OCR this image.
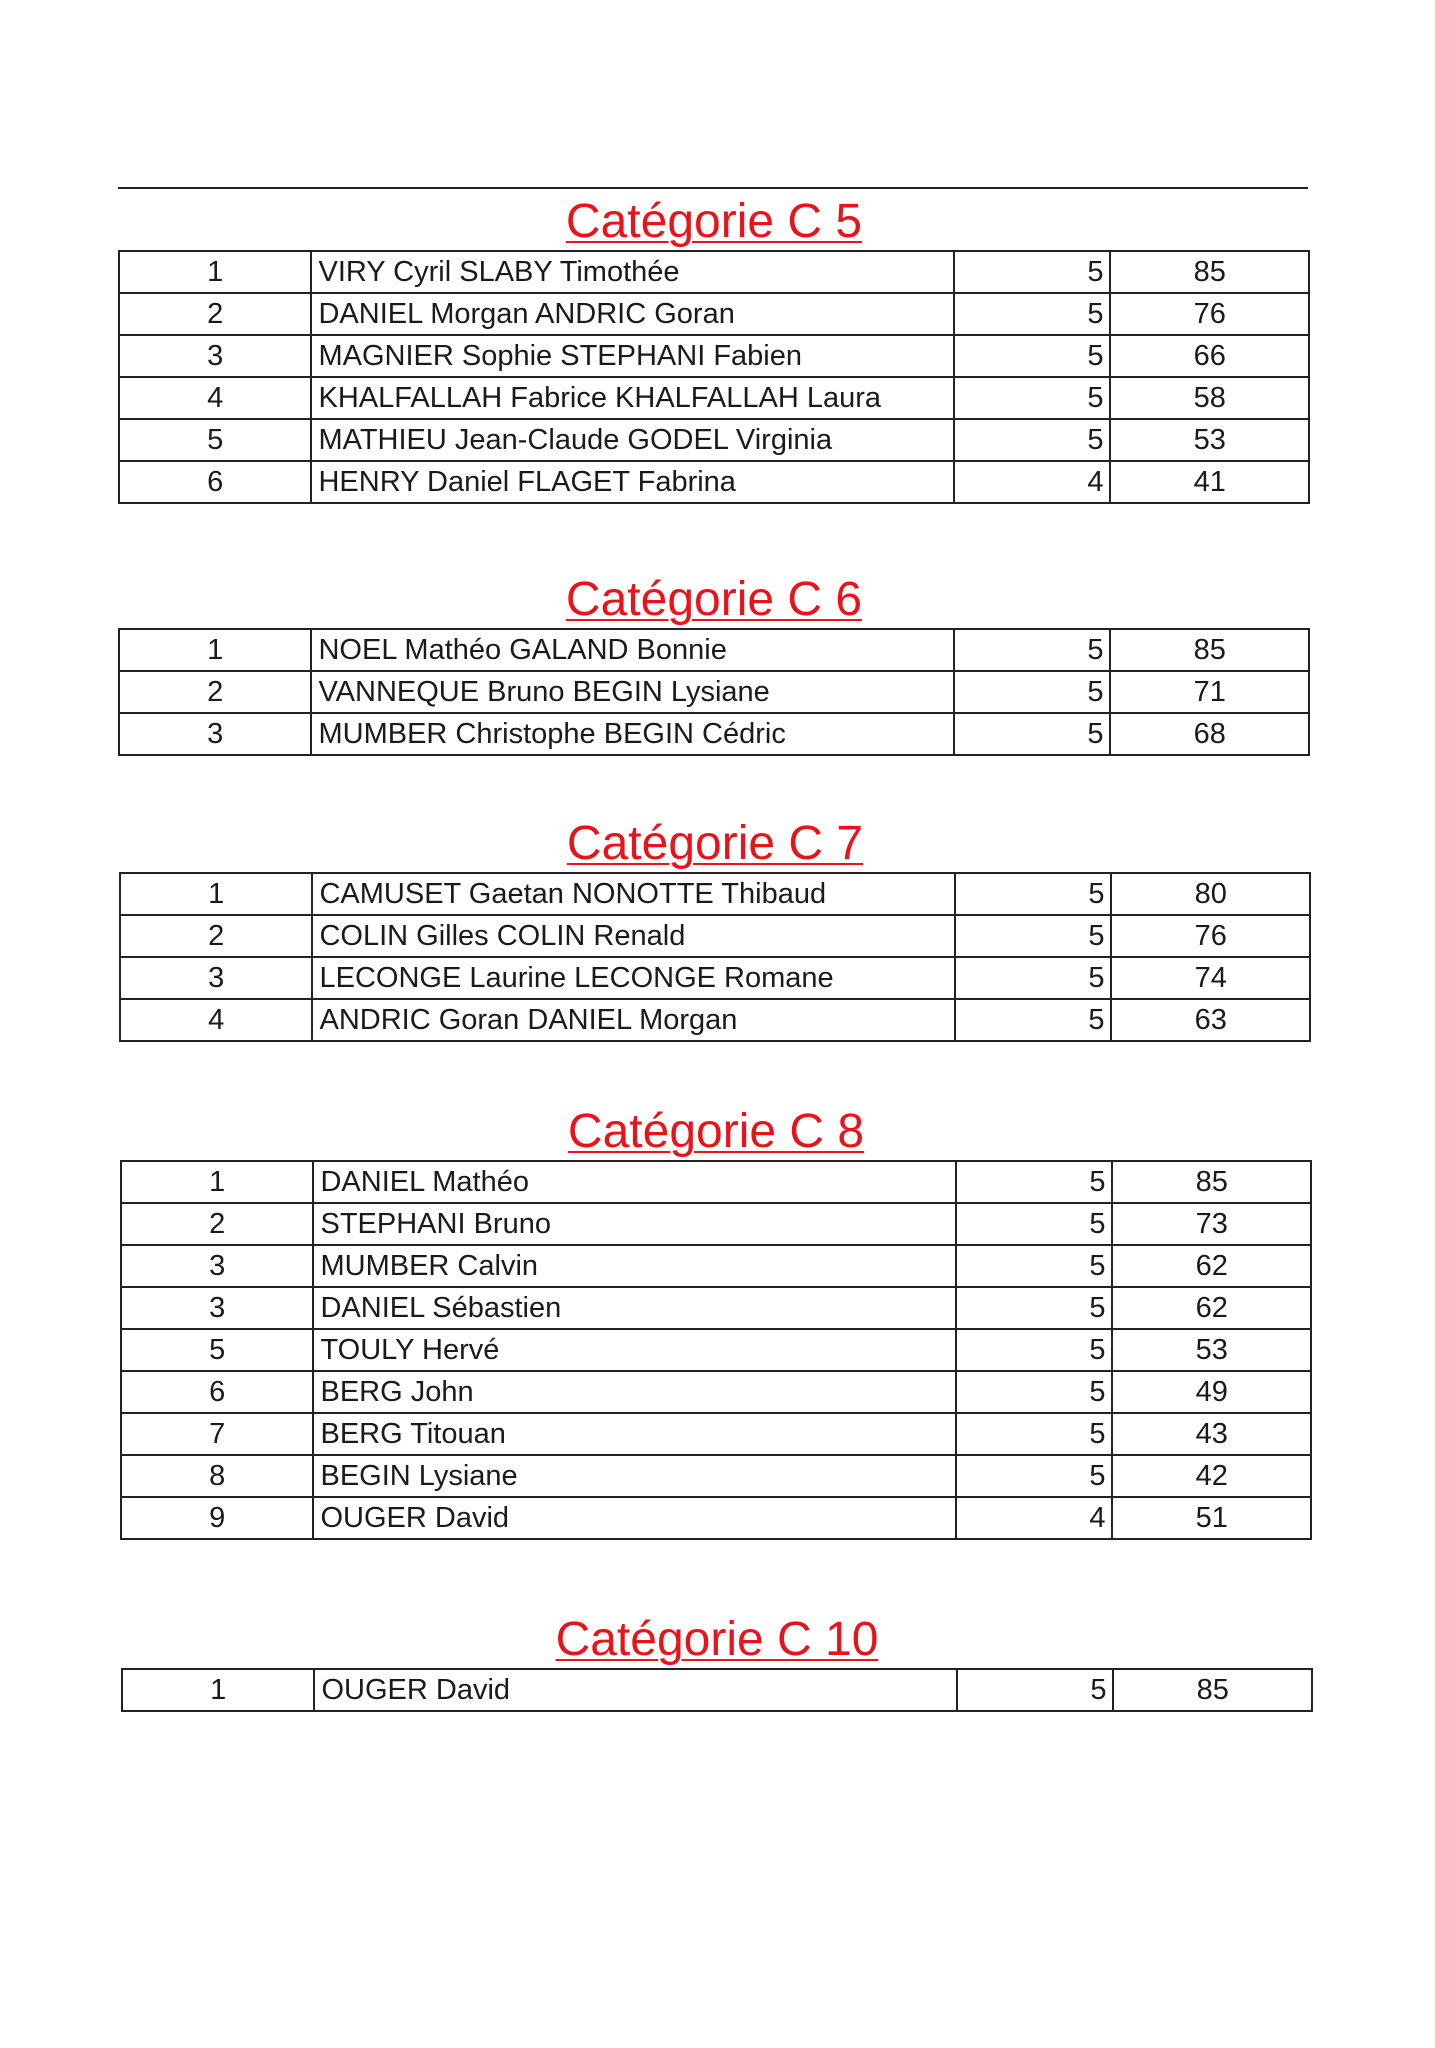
Catégorie C 5
1	VIRY Cyril SLABY Timothée	5	85
2	DANIEL Morgan ANDRIC Goran	5	76
3	MAGNIER Sophie STEPHANI Fabien	5	66
4	KHALFALLAH Fabrice KHALFALLAH Laura	5	58
5	MATHIEU Jean-Claude GODEL Virginia	5	53
6	HENRY Daniel FLAGET Fabrina	4	41
Catégorie C 6
1	NOEL Mathéo GALAND Bonnie	5	85
2	VANNEQUE Bruno BEGIN Lysiane	5	71
3	MUMBER Christophe BEGIN Cédric	5	68
Catégorie C 7
1	CAMUSET Gaetan NONOTTE Thibaud	5	80
2	COLIN Gilles COLIN Renald	5	76
3	LECONGE Laurine LECONGE Romane	5	74
4	ANDRIC Goran DANIEL Morgan	5	63
Catégorie C 8
1	DANIEL Mathéo	5	85
2	STEPHANI Bruno	5	73
3	MUMBER Calvin	5	62
3	DANIEL Sébastien	5	62
5	TOULY Hervé	5	53
6	BERG John	5	49
7	BERG Titouan	5	43
8	BEGIN Lysiane	5	42
9	OUGER David	4	51
Catégorie C 10
1	OUGER David	5	85
